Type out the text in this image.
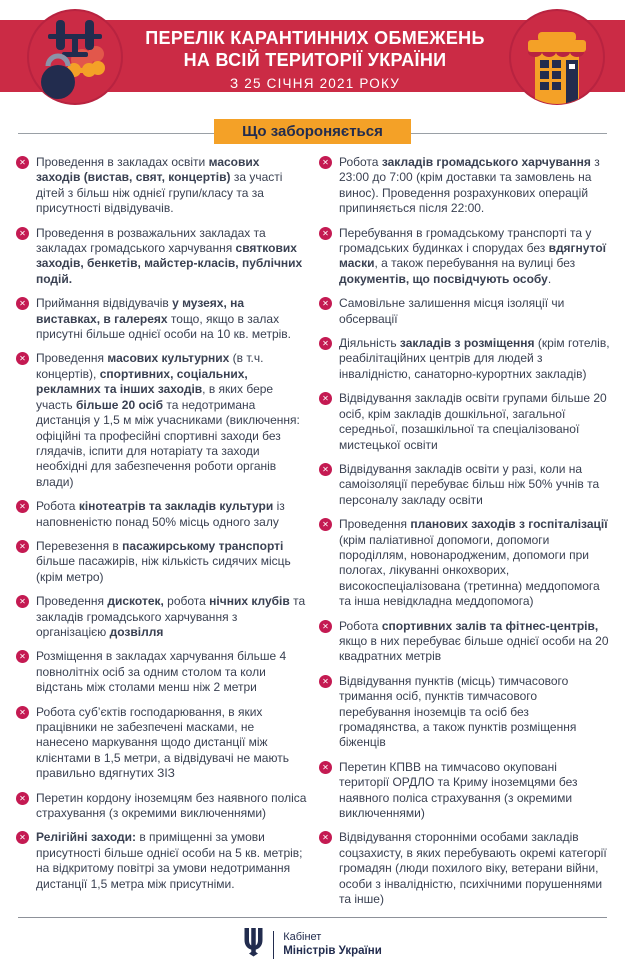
ПЕРЕЛІК КАРАНТИННИХ ОБМЕЖЕНЬ
НА ВСІЙ ТЕРИТОРІЇ УКРАЇНИ
З 25 СІЧНЯ 2021 РОКУ
Що забороняється
✕ Проведення в закладах освіти масових заходів (вистав, свят, концертів) за участі дітей з більш ніж однієї групи/класу та за присутності відвідувачів.
✕ Проведення в розважальних закладах та закладах громадського харчування святкових заходів, бенкетів, майстер-класів, публічних подій.
✕ Приймання відвідувачів у музеях, на виставках, в галереях тощо, якщо в залах присутні більше однієї особи на 10 кв. метрів.
✕ Проведення масових культурних (в т.ч. концертів), спортивних, соціальних, рекламних та інших заходів, в яких бере участь більше 20 осіб та недотримана дистанція у 1,5 м між учасниками (виключення: офіційні та професійні спортивні заходи без глядачів, іспити для нотаріату та заходи необхідні для забезпечення роботи органів влади)
✕ Робота кінотеатрів та закладів культури із наповненістю понад 50% місць одного залу
✕ Перевезення в пасажирському транспорті більше пасажирів, ніж кількість сидячих місць (крім метро)
✕ Проведення дискотек, робота нічних клубів та закладів громадського харчування з організацією дозвілля
✕ Розміщення в закладах харчування більше 4 повнолітніх осіб за одним столом та коли відстань між столами менш ніж 2 метри
✕ Робота суб’єктів господарювання, в яких працівники не забезпечені масками, не нанесено маркування щодо дистанції між клієнтами в 1,5 метри, а відвідувачі не мають правильно вдягнутих ЗІЗ
✕ Перетин кордону іноземцям без наявного поліса страхування (з окремими виключеннями)
✕ Релігійні заходи: в приміщенні за умови присутності більше однієї особи на 5 кв. метрів; на відкритому повітрі за умови недотримання дистанції 1,5 метра між присутніми.
✕ Робота закладів громадського харчування з 23:00 до 7:00 (крім доставки та замовлень на винос). Проведення розрахункових операцій припиняється після 22:00.
✕ Перебування в громадському транспорті та у громадських будинках і спорудах без вдягнутої маски, а також перебування на вулиці без документів, що посвідчують особу.
✕ Самовільне залишення місця ізоляції чи обсервації
✕ Діяльність закладів з розміщення (крім готелів, реабілітаційних центрів для людей з інвалідністю, санаторно-курортних закладів)
✕ Відвідування закладів освіти групами більше 20 осіб, крім закладів дошкільної, загальної середньої, позашкільної та спеціалізованої мистецької освіти
✕ Відвідування закладів освіти у разі, коли на самоізоляції перебуває більш ніж 50% учнів та персоналу закладу освіти
✕ Проведення планових заходів з госпіталізації (крім паліативної допомоги, допомоги породіллям, новонародженим, допомоги при пологах, лікуванні онкохворих, високоспеціалізована (третинна) меддопомога та інша невідкладна меддопомога)
✕ Робота спортивних залів та фітнес-центрів, якщо в них перебуває більше однієї особи на 20 квадратних метрів
✕ Відвідування пунктів (місць) тимчасового тримання осіб, пунктів тимчасового перебування іноземців та осіб без громадянства, а також пунктів розміщення біженців
✕ Перетин КПВВ на тимчасово окуповані території ОРДЛО та Криму іноземцями без наявного поліса страхування (з окремими виключеннями)
✕ Відвідування сторонніми особами закладів соцзахисту, в яких перебувають окремі категорії громадян (люди похилого віку, ветерани війни, особи з інвалідністю, психічними порушеннями та інше)
Кабінет
Міністрів України
